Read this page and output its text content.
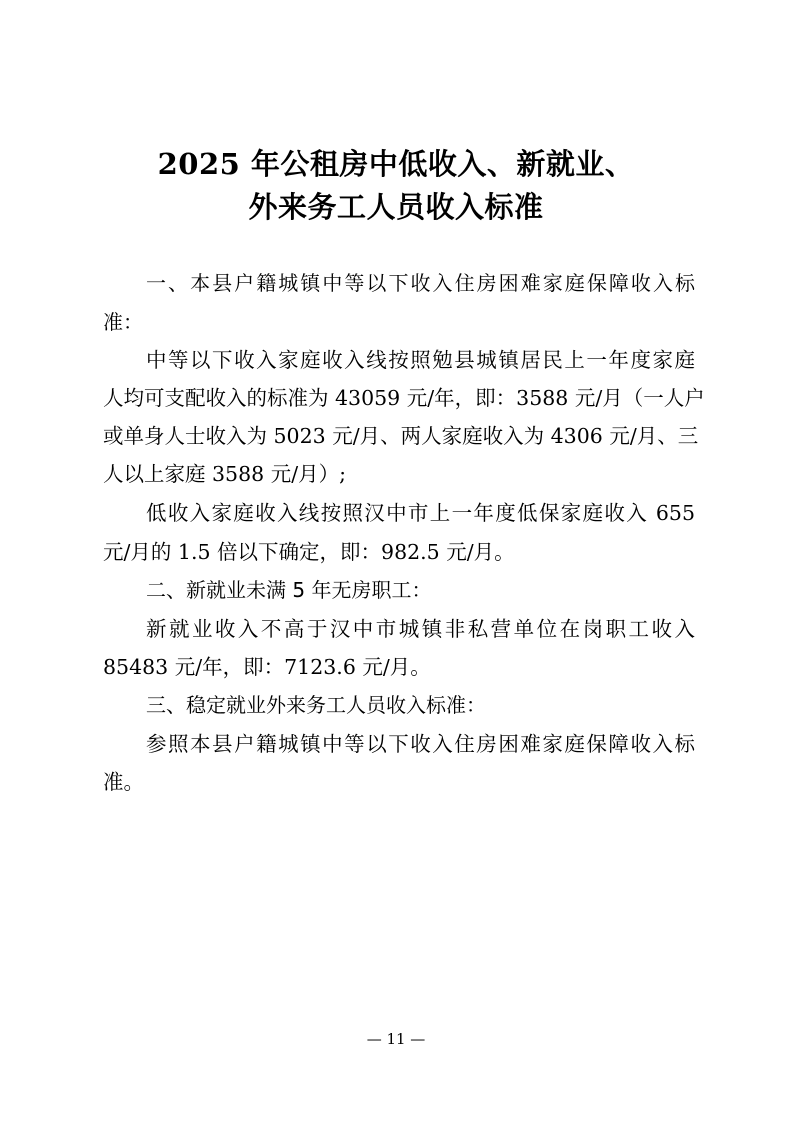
2025 年公租房中低收入、新就业、
外来务工人员收入标准
一、本县户籍城镇中等以下收入住房困难家庭保障收入标
准：
中等以下收入家庭收入线按照勉县城镇居民上一年度家庭
人均可支配收入的标准为 43059 元/年，即：3588 元/月（一人户
或单身人士收入为 5023 元/月、两人家庭收入为 4306 元/月、三
人以上家庭 3588 元/月）;
低收入家庭收入线按照汉中市上一年度低保家庭收入 655
元/月的 1.5 倍以下确定，即：982.5 元/月。
二、新就业未满 5 年无房职工：
新就业收入不高于汉中市城镇非私营单位在岗职工收入
85483 元/年，即：7123.6 元/月。
三、稳定就业外来务工人员收入标准：
参照本县户籍城镇中等以下收入住房困难家庭保障收入标
准。
— 11 —
